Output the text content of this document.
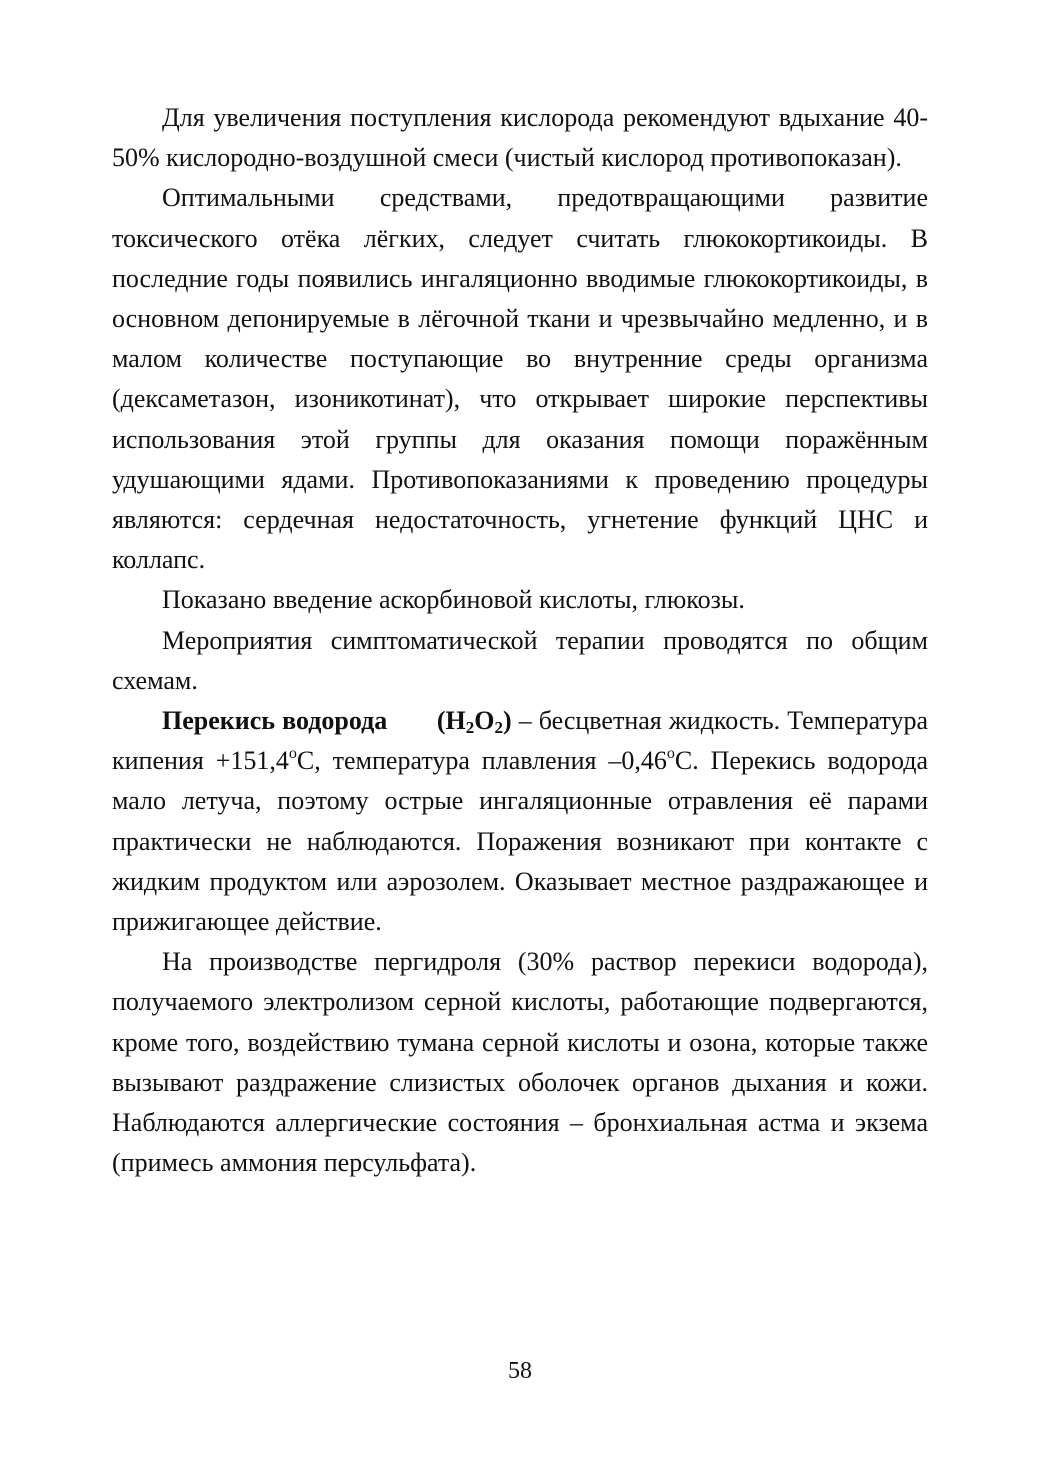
Для увеличения поступления кислорода рекомендуют вдыхание 40-50% кислородно-воздушной смеси (чистый кислород противопоказан).

Оптимальными средствами, предотвращающими развитие токсического отёка лёгких, следует считать глюкокортикоиды. В последние годы появились ингаляционно вводимые глюкокортикоиды, в основном депонируемые в лёгочной ткани и чрезвычайно медленно, и в малом количестве поступающие во внутренние среды организма (дексаметазон, изоникотинат), что открывает широкие перспективы использования этой группы для оказания помощи поражённым удушающими ядами. Противопоказаниями к проведению процедуры являются: сердечная недостаточность, угнетение функций ЦНС и коллапс.

Показано введение аскорбиновой кислоты, глюкозы.

Мероприятия симптоматической терапии проводятся по общим схемам.

Перекись водорода $(H_2O_2)$ – бесцветная жидкость. Температура кипения $+151,4^оС$, температура плавления $-0,46^оС$. Перекись водорода мало летуча, поэтому острые ингаляционные отравления её парами практически не наблюдаются. Поражения возникают при контакте с жидким продуктом или аэрозолем. Оказывает местное раздражающее и прижигающее действие.

На производстве пергидроля (30% раствор перекиси водорода), получаемого электролизом серной кислоты, работающие подвергаются, кроме того, воздействию тумана серной кислоты и озона, которые также вызывают раздражение слизистых оболочек органов дыхания и кожи. Наблюдаются аллергические состояния – бронхиальная астма и экзема (примесь аммония персульфата).

58
